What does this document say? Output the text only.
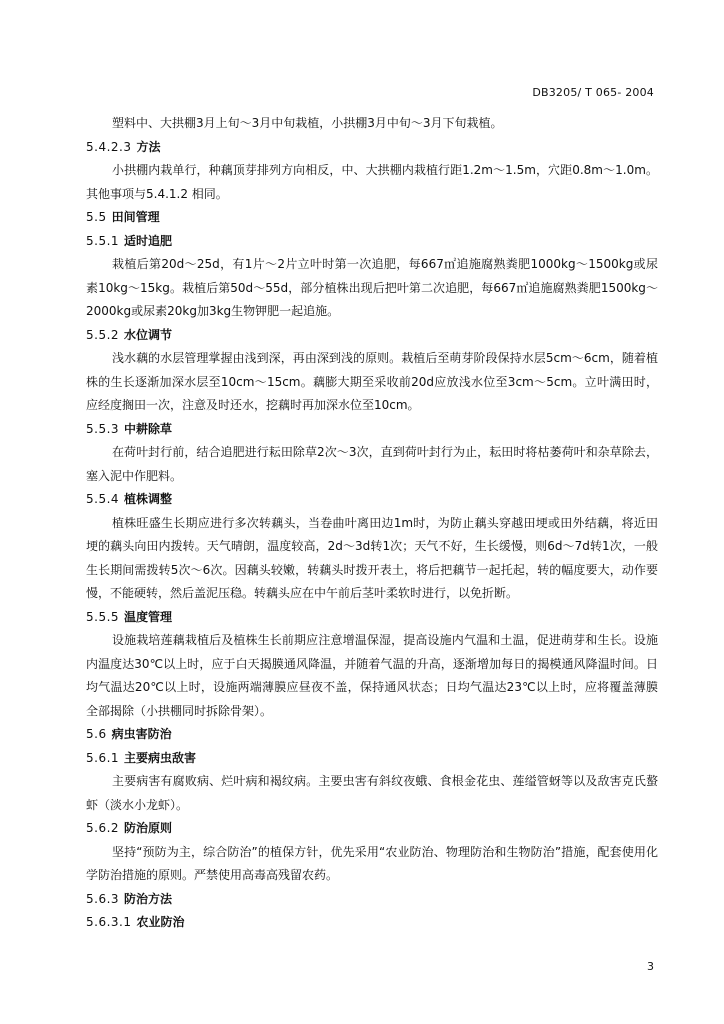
DB3205/ T 065- 2004

塑料中、大拱棚3月上旬～3月中旬栽植，小拱棚3月中旬～3月下旬栽植。

5.4.2.3 方法

小拱棚内栽单行，种藕顶芽排列方向相反，中、大拱棚内栽植行距1.2m～1.5m，穴距0.8m～1.0m。其他事项与5.4.1.2 相同。

5.5 田间管理
5.5.1 适时追肥

栽植后第20d～25d，有1片～2片立叶时第一次追肥，每667㎡追施腐熟粪肥1000kg～1500kg或尿素10kg～15kg。栽植后第50d～55d，部分植株出现后把叶第二次追肥，每667㎡追施腐熟粪肥1500kg～2000kg或尿素20kg加3kg生物钾肥一起追施。

5.5.2 水位调节

浅水藕的水层管理掌握由浅到深，再由深到浅的原则。栽植后至萌芽阶段保持水层5cm～6cm，随着植株的生长逐渐加深水层至10cm～15cm。藕膨大期至采收前20d应放浅水位至3cm～5cm。立叶满田时，应经度搁田一次，注意及时还水，挖藕时再加深水位至10cm。

5.5.3 中耕除草

在荷叶封行前，结合追肥进行耘田除草2次～3次，直到荷叶封行为止，耘田时将枯萎荷叶和杂草除去，塞入泥中作肥料。

5.5.4 植株调整

植株旺盛生长期应进行多次转藕头，当卷曲叶离田边1m时，为防止藕头穿越田埂或田外结藕，将近田埂的藕头向田内拨转。天气晴朗，温度较高，2d～3d转1次；天气不好，生长缓慢，则6d～7d转1次，一般生长期间需拨转5次～6次。因藕头较嫩，转藕头时拨开表土，将后把藕节一起托起，转的幅度要大，动作要慢，不能硬转，然后盖泥压稳。转藕头应在中午前后茎叶柔软时进行，以免折断。

5.5.5 温度管理

设施栽培莲藕栽植后及植株生长前期应注意增温保湿，提高设施内气温和土温，促进萌芽和生长。设施内温度达30℃以上时，应于白天揭膜通风降温，并随着气温的升高，逐渐增加每日的揭模通风降温时间。日均气温达20℃以上时，设施两端薄膜应昼夜不盖，保持通风状态；日均气温达23℃以上时，应将覆盖薄膜全部揭除（小拱棚同时拆除骨架）。

5.6 病虫害防治
5.6.1 主要病虫敌害

主要病害有腐败病、烂叶病和褐纹病。主要虫害有斜纹夜蛾、食根金花虫、莲缢管蚜等以及敌害克氏螯虾（淡水小龙虾）。

5.6.2 防治原则

坚持“预防为主，综合防治”的植保方针，优先采用“农业防治、物理防治和生物防治”措施，配套使用化学防治措施的原则。严禁使用高毒高残留农药。

5.6.3 防治方法
5.6.3.1 农业防治
3
